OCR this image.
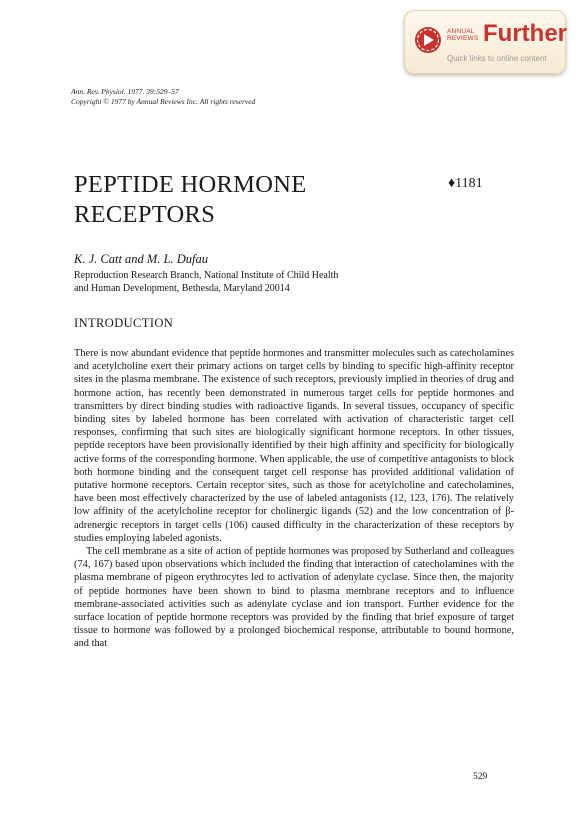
ANNUAL
REVIEWS Further
Quick links to online content
Ann. Rev. Physiol. 1977. 39:529–57
Copyright © 1977 by Annual Reviews Inc. All rights reserved
PEPTIDE HORMONE
RECEPTORS
♦1181
K. J. Catt and M. L. Dufau
Reproduction Research Branch, National Institute of Child Health
and Human Development, Bethesda, Maryland 20014
INTRODUCTION

There is now abundant evidence that peptide hormones and transmitter molecules such as catecholamines and acetylcholine exert their primary actions on target cells by binding to specific high-affinity receptor sites in the plasma membrane. The existence of such receptors, previously implied in theories of drug and hormone action, has recently been demonstrated in numerous target cells for peptide hormones and transmitters by direct binding studies with radioactive ligands. In several tissues, occupancy of specific binding sites by labeled hormone has been correlated with activation of characteristic target cell responses, confirming that such sites are biologically significant hormone receptors. In other tissues, peptide receptors have been provisionally identified by their high affinity and specificity for biologically active forms of the corresponding hormone. When applicable, the use of competitive antagonists to block both hormone binding and the consequent target cell response has provided additional validation of putative hormone receptors. Certain receptor sites, such as those for acetylcholine and catecholamines, have been most effectively characterized by the use of labeled antagonists (12, 123, 176). The relatively low affinity of the acetylcholine receptor for cholinergic ligands (52) and the low concentration of β-adrenergic receptors in target cells (106) caused difficulty in the characterization of these receptors by studies employing labeled agonists.

The cell membrane as a site of action of peptide hormones was proposed by Sutherland and colleagues (74, 167) based upon observations which included the finding that interaction of catecholamines with the plasma membrane of pigeon erythrocytes led to activation of adenylate cyclase. Since then, the majority of peptide hormones have been shown to bind to plasma membrane receptors and to influence membrane-associated activities such as adenylate cyclase and ion transport. Further evidence for the surface location of peptide hormone receptors was provided by the finding that brief exposure of target tissue to hormone was followed by a prolonged biochemical response, attributable to bound hormone, and that

529
